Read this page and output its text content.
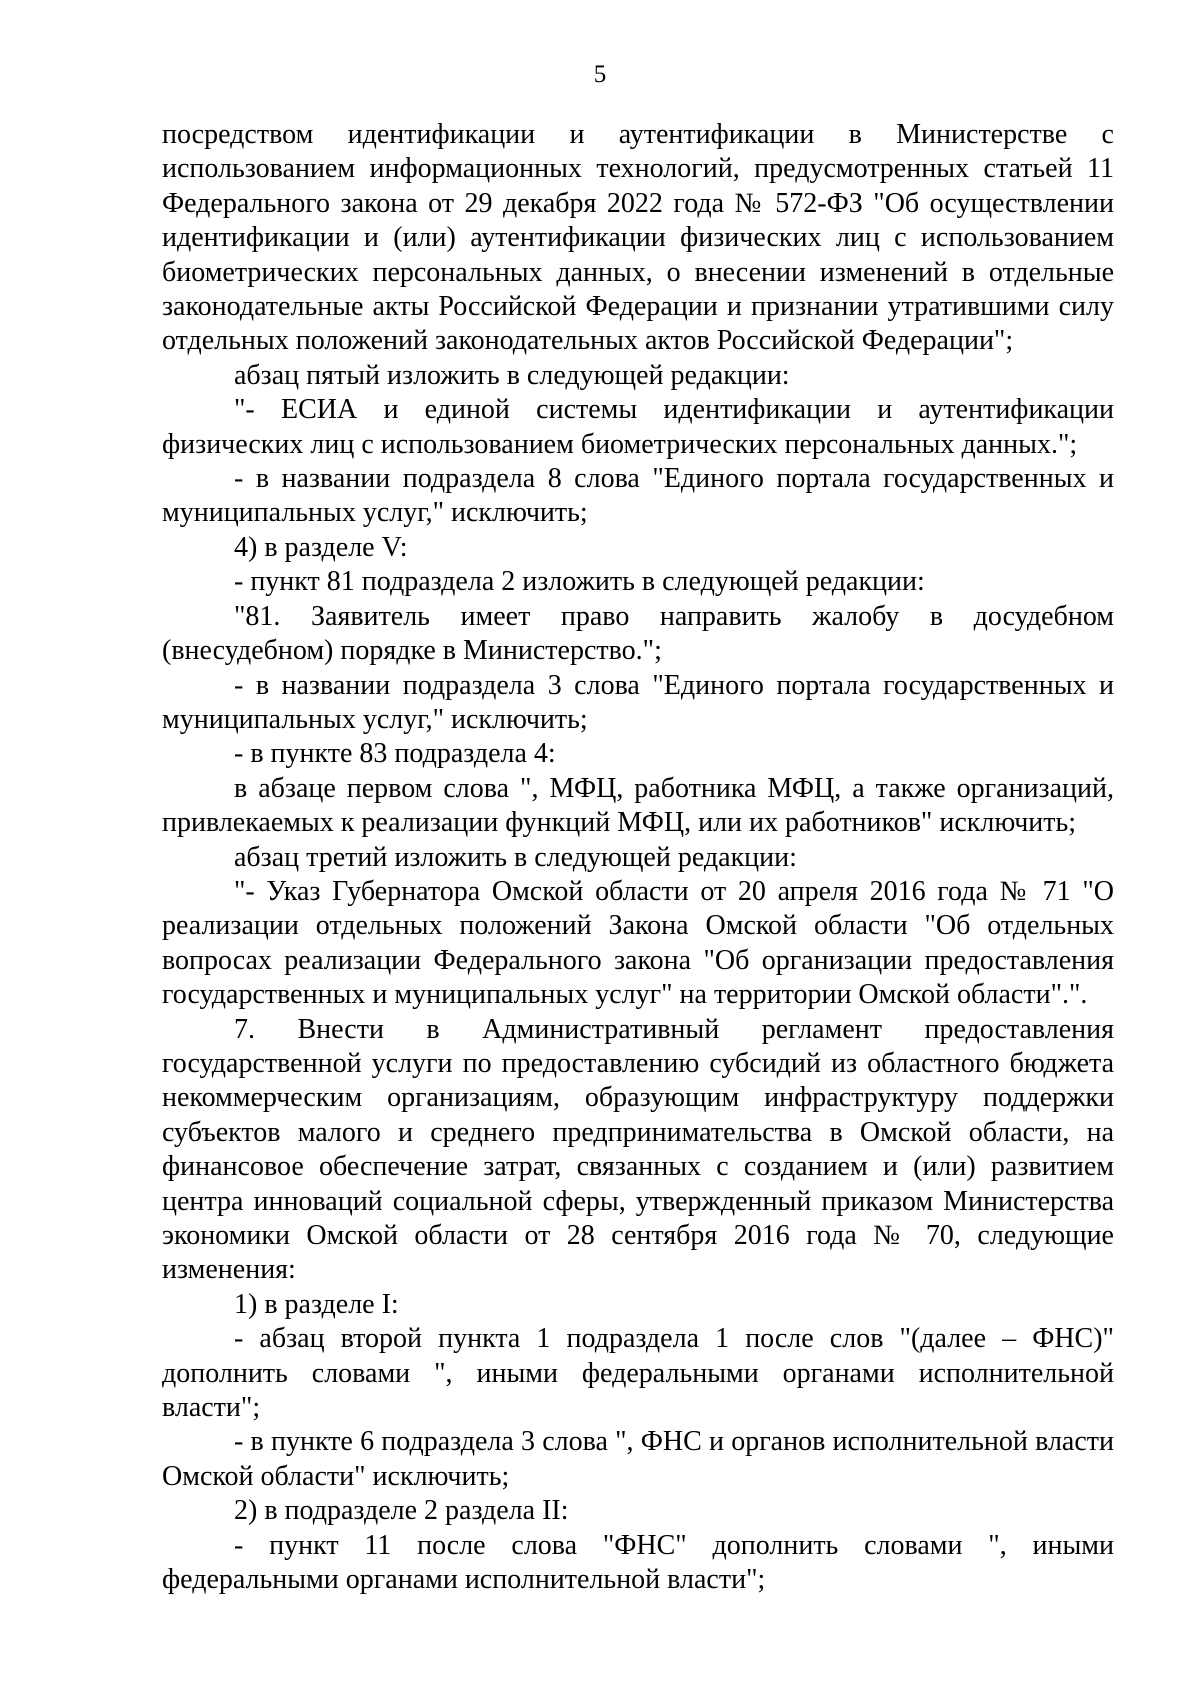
5

посредством идентификации и аутентификации в Министерстве с использованием информационных технологий, предусмотренных статьей 11 Федерального закона от 29 декабря 2022 года № 572-ФЗ "Об осуществлении идентификации и (или) аутентификации физических лиц с использованием биометрических персональных данных, о внесении изменений в отдельные законодательные акты Российской Федерации и признании утратившими силу отдельных положений законодательных актов Российской Федерации";

абзац пятый изложить в следующей редакции:

"- ЕСИА и единой системы идентификации и аутентификации физических лиц с использованием биометрических персональных данных.";

- в названии подраздела 8 слова "Единого портала государственных и муниципальных услуг," исключить;

4) в разделе V:

- пункт 81 подраздела 2 изложить в следующей редакции:

"81. Заявитель имеет право направить жалобу в досудебном (внесудебном) порядке в Министерство.";

- в названии подраздела 3 слова "Единого портала государственных и муниципальных услуг," исключить;

- в пункте 83 подраздела 4:

в абзаце первом слова ", МФЦ, работника МФЦ, а также организаций, привлекаемых к реализации функций МФЦ, или их работников" исключить;

абзац третий изложить в следующей редакции:

"- Указ Губернатора Омской области от 20 апреля 2016 года № 71 "О реализации отдельных положений Закона Омской области "Об отдельных вопросах реализации Федерального закона "Об организации предоставления государственных и муниципальных услуг" на территории Омской области".".

7. Внести в Административный регламент предоставления государственной услуги по предоставлению субсидий из областного бюджета некоммерческим организациям, образующим инфраструктуру поддержки субъектов малого и среднего предпринимательства в Омской области, на финансовое обеспечение затрат, связанных с созданием и (или) развитием центра инноваций социальной сферы, утвержденный приказом Министерства экономики Омской области от 28 сентября 2016 года № 70, следующие изменения:

1) в разделе I:

- абзац второй пункта 1 подраздела 1 после слов "(далее – ФНС)" дополнить словами ", иными федеральными органами исполнительной власти";

- в пункте 6 подраздела 3 слова ", ФНС и органов исполнительной власти Омской области" исключить;

2) в подразделе 2 раздела II:

- пункт 11 после слова "ФНС" дополнить словами ", иными федеральными органами исполнительной власти";
